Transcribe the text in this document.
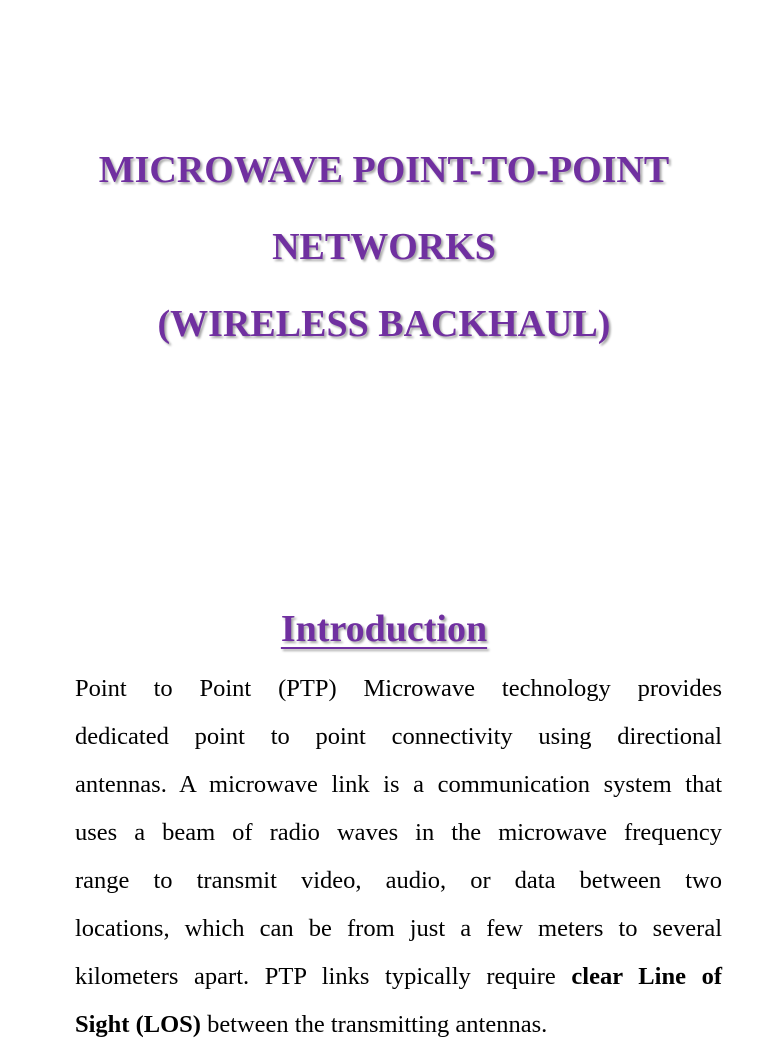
MICROWAVE POINT-TO-POINT
NETWORKS
(WIRELESS BACKHAUL)
Introduction
Point to Point (PTP) Microwave technology provides
dedicated point to point connectivity using directional
antennas. A microwave link is a communication system that
uses a beam of radio waves in the microwave frequency
range to transmit video, audio, or data between two
locations, which can be from just a few meters to several
kilometers apart. PTP links typically require clear Line of
Sight (LOS) between the transmitting antennas.
